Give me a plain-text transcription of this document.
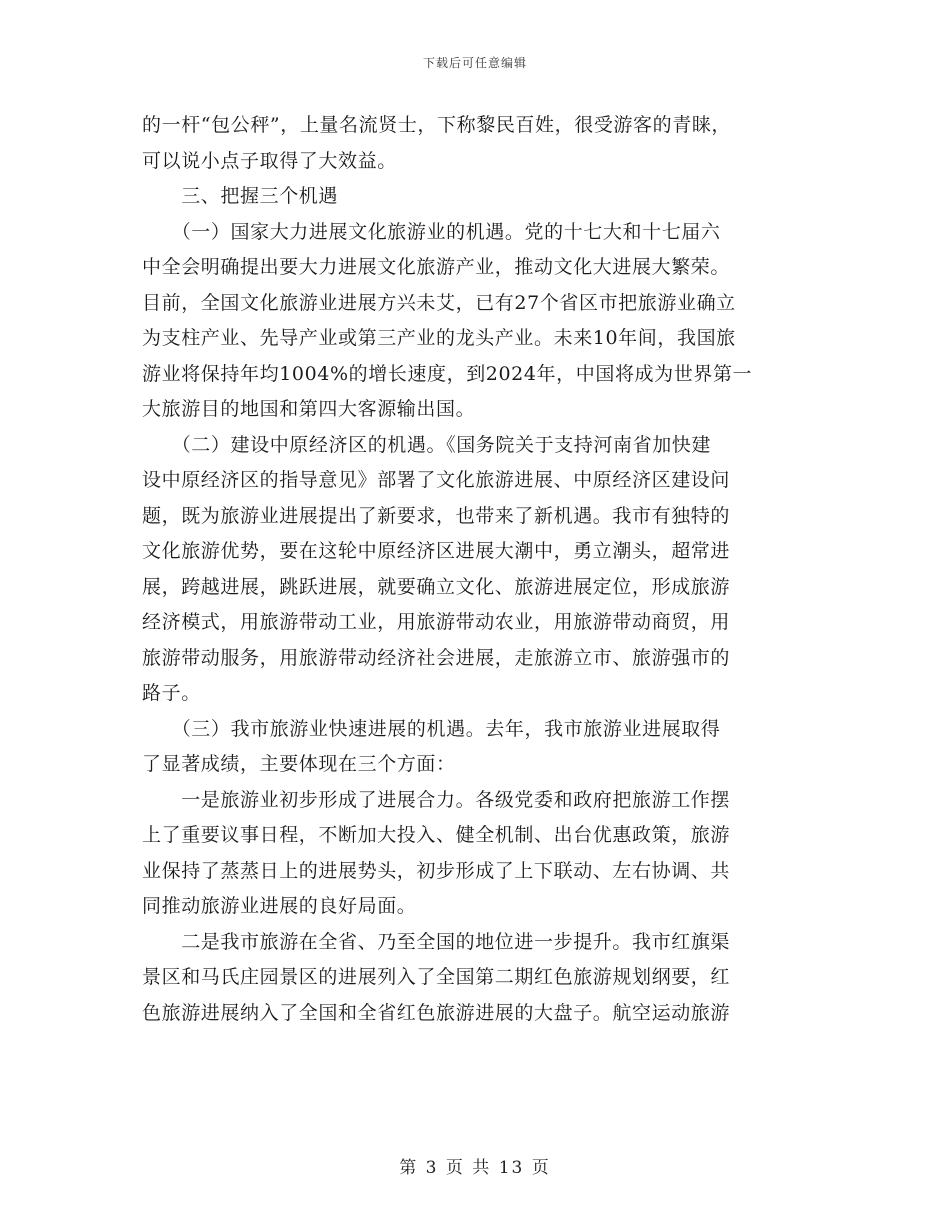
下载后可任意编辑
的一杆“包公秤”，上量名流贤士，下称黎民百姓，很受游客的青睐，
可以说小点子取得了大效益。
　　三、把握三个机遇
　　（一）国家大力进展文化旅游业的机遇。党的十七大和十七届六
中全会明确提出要大力进展文化旅游产业，推动文化大进展大繁荣。
目前，全国文化旅游业进展方兴未艾，已有27个省区市把旅游业确立
为支柱产业、先导产业或第三产业的龙头产业。未来10年间，我国旅
游业将保持年均1004%的增长速度，到2024年，中国将成为世界第一
大旅游目的地国和第四大客源输出国。
　　（二）建设中原经济区的机遇。《国务院关于支持河南省加快建
设中原经济区的指导意见》部署了文化旅游进展、中原经济区建设问
题，既为旅游业进展提出了新要求，也带来了新机遇。我市有独特的
文化旅游优势，要在这轮中原经济区进展大潮中，勇立潮头，超常进
展，跨越进展，跳跃进展，就要确立文化、旅游进展定位，形成旅游
经济模式，用旅游带动工业，用旅游带动农业，用旅游带动商贸，用
旅游带动服务，用旅游带动经济社会进展，走旅游立市、旅游强市的
路子。
　　（三）我市旅游业快速进展的机遇。去年，我市旅游业进展取得
了显著成绩，主要体现在三个方面：
　　一是旅游业初步形成了进展合力。各级党委和政府把旅游工作摆
上了重要议事日程，不断加大投入、健全机制、出台优惠政策，旅游
业保持了蒸蒸日上的进展势头，初步形成了上下联动、左右协调、共
同推动旅游业进展的良好局面。
　　二是我市旅游在全省、乃至全国的地位进一步提升。我市红旗渠
景区和马氏庄园景区的进展列入了全国第二期红色旅游规划纲要，红
色旅游进展纳入了全国和全省红色旅游进展的大盘子。航空运动旅游
第 3 页 共 13 页
